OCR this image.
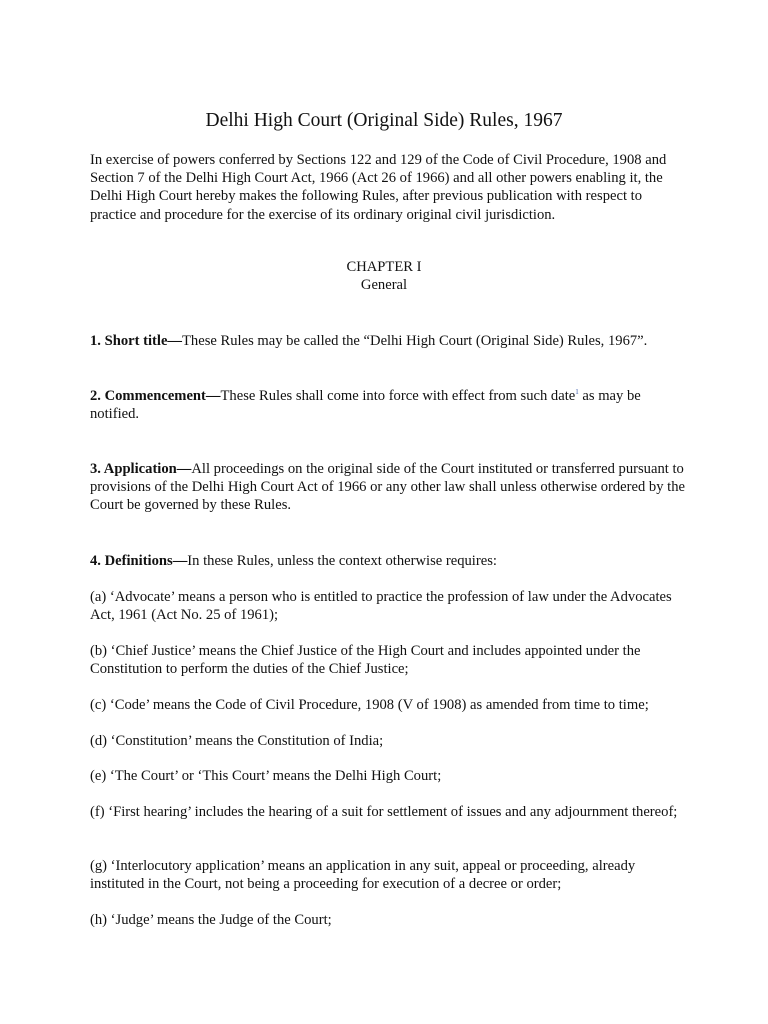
Delhi High Court (Original Side) Rules, 1967

In exercise of powers conferred by Sections 122 and 129 of the Code of Civil Procedure, 1908 and Section 7 of the Delhi High Court Act, 1966 (Act 26 of 1966) and all other powers enabling it, the Delhi High Court hereby makes the following Rules, after previous publication with respect to practice and procedure for the exercise of its ordinary original civil jurisdiction.

CHAPTER I

General

1. Short title—These Rules may be called the “Delhi High Court (Original Side) Rules, 1967”.

2. Commencement—These Rules shall come into force with effect from such date$^1$ as may be notified.

3. Application—All proceedings on the original side of the Court instituted or transferred pursuant to provisions of the Delhi High Court Act of 1966 or any other law shall unless otherwise ordered by the Court be governed by these Rules.

4. Definitions—In these Rules, unless the context otherwise requires:

(a) ‘Advocate’ means a person who is entitled to practice the profession of law under the Advocates Act, 1961 (Act No. 25 of 1961);

(b) ‘Chief Justice’ means the Chief Justice of the High Court and includes appointed under the Constitution to perform the duties of the Chief Justice;

(c) ‘Code’ means the Code of Civil Procedure, 1908 (V of 1908) as amended from time to time;

(d) ‘Constitution’ means the Constitution of India;

(e) ‘The Court’ or ‘This Court’ means the Delhi High Court;

(f) ‘First hearing’ includes the hearing of a suit for settlement of issues and any adjournment thereof;

(g) ‘Interlocutory application’ means an application in any suit, appeal or proceeding, already instituted in the Court, not being a proceeding for execution of a decree or order;

(h) ‘Judge’ means the Judge of the Court;
